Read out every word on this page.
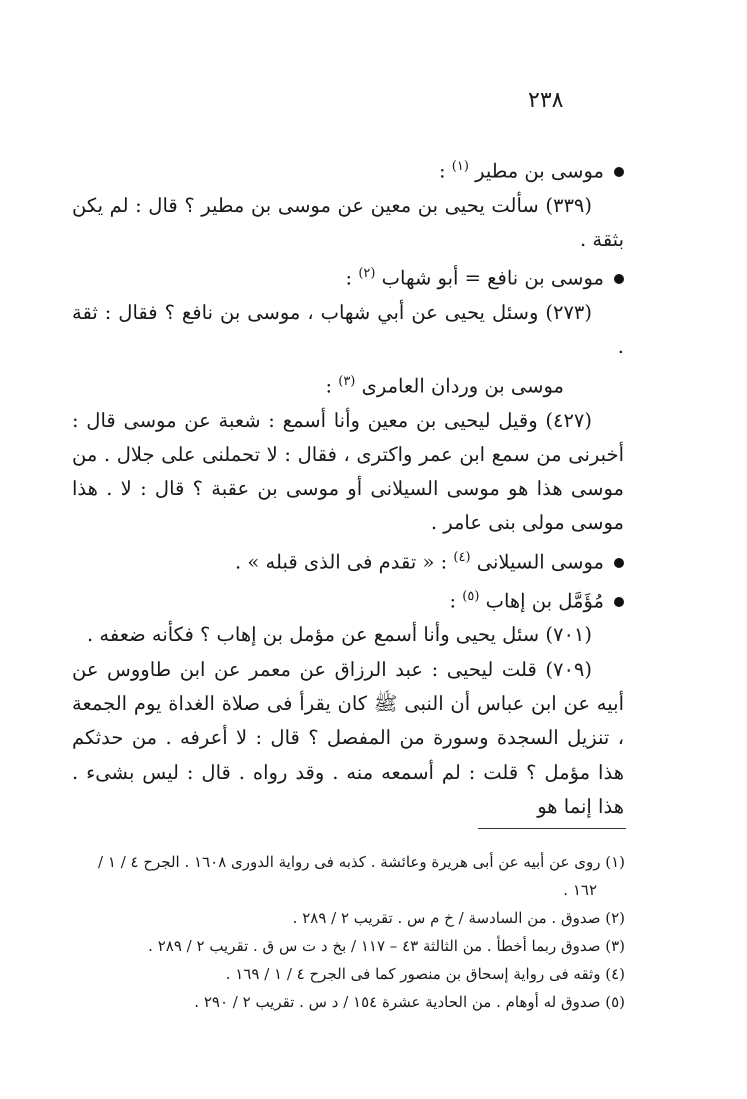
٢٣٨

موسى بن مطير $^{(١)}$ :

(٣٣٩) سألت يحيى بن معين عن موسى بن مطير ؟ قال : لم يكن بثقة .

موسى بن نافع = أبو شهاب $^{(٢)}$ :

(٢٧٣) وسئل يحيى عن أبي شهاب ، موسى بن نافع ؟ فقال : ثقة .

موسى بن وردان العامرى $^{(٣)}$ :

(٤٢٧) وقيل ليحيى بن معين وأنا أسمع : شعبة عن موسى قال : أخبرنى من سمع ابن عمر واكترى ، فقال : لا تحملنى على جلال . من موسى هذا هو موسى السيلانى أو موسى بن عقبة ؟ قال : لا . هذا موسى مولى بنى عامر .

موسى السيلانى $^{(٤)}$ : « تقدم فى الذى قبله » .

مُؤَمَّل بن إهاب $^{(٥)}$ :

(٧٠١) سئل يحيى وأنا أسمع عن مؤمل بن إهاب ؟ فكأنه ضعفه .

(٧٠٩) قلت ليحيى : عبد الرزاق عن معمر عن ابن طاووس عن أبيه عن ابن عباس أن النبى ﷺ كان يقرأ فى صلاة الغداة يوم الجمعة ، تنزيل السجدة وسورة من المفصل ؟ قال : لا أعرفه . من حدثكم هذا مؤمل ؟ قلت : لم أسمعه منه . وقد رواه . قال : ليس بشىء . هذا إنما هو

(١) روى عن أبيه عن أبى هريرة وعائشة . كذبه فى رواية الدورى ١٦٠٨ . الجرح ٤ / ١ / ١٦٢ .

(٢) صدوق . من السادسة / خ م س . تقريب ٢ / ٢٨٩ .

(٣) صدوق ربما أخطأ . من الثالثة ٤٣ – ١١٧ / بخ د ت س ق . تقريب ٢ / ٢٨٩ .

(٤) وثقه فى رواية إسحاق بن منصور كما فى الجرح ٤ / ١ / ١٦٩ .

(٥) صدوق له أوهام . من الحادية عشرة ١٥٤ / د س . تقريب ٢ / ٢٩٠ .
